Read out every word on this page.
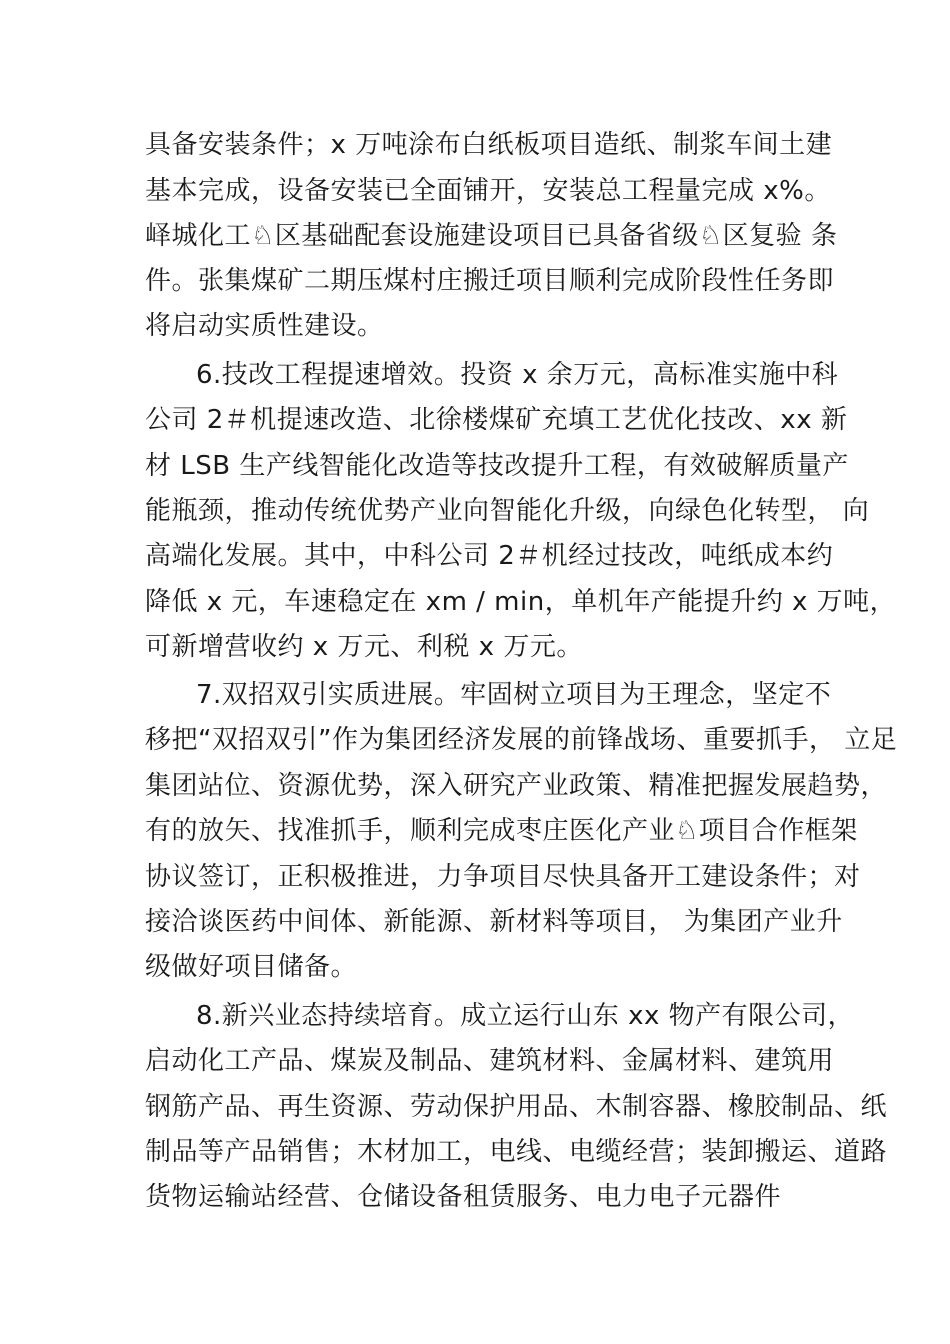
具备安装条件；x 万吨涂布白纸板项目造纸、制浆车间土建
基本完成，设备安装已全面铺开，安装总工程量完成 x%。
峄城化工♘区基础配套设施建设项目已具备省级♘区复验 条
件。张集煤矿二期压煤村庄搬迁项目顺利完成阶段性任务即
将启动实质性建设。
6.技改工程提速增效。投资 x 余万元，高标准实施中科
公司 2＃机提速改造、北徐楼煤矿充填工艺优化技改、xx 新
材 LSB 生产线智能化改造等技改提升工程，有效破解质量产
能瓶颈，推动传统优势产业向智能化升级，向绿色化转型， 向
高端化发展。其中，中科公司 2＃机经过技改，吨纸成本约
降低 x 元，车速稳定在 xm / min，单机年产能提升约 x 万吨，
可新增营收约 x 万元、利税 x 万元。
7.双招双引实质进展。牢固树立项目为王理念，坚定不
移把“双招双引”作为集团经济发展的前锋战场、重要抓手， 立足
集团站位、资源优势，深入研究产业政策、精准把握发展趋势，
有的放矢、找准抓手，顺利完成枣庄医化产业♘项目合作框架
协议签订，正积极推进，力争项目尽快具备开工建设条件；对
接洽谈医药中间体、新能源、新材料等项目， 为集团产业升
级做好项目储备。
8.新兴业态持续培育。成立运行山东 xx 物产有限公司，
启动化工产品、煤炭及制品、建筑材料、金属材料、建筑用
钢筋产品、再生资源、劳动保护用品、木制容器、橡胶制品、纸
制品等产品销售；木材加工，电线、电缆经营；装卸搬运、道路
货物运输站经营、仓储设备租赁服务、电力电子元器件
